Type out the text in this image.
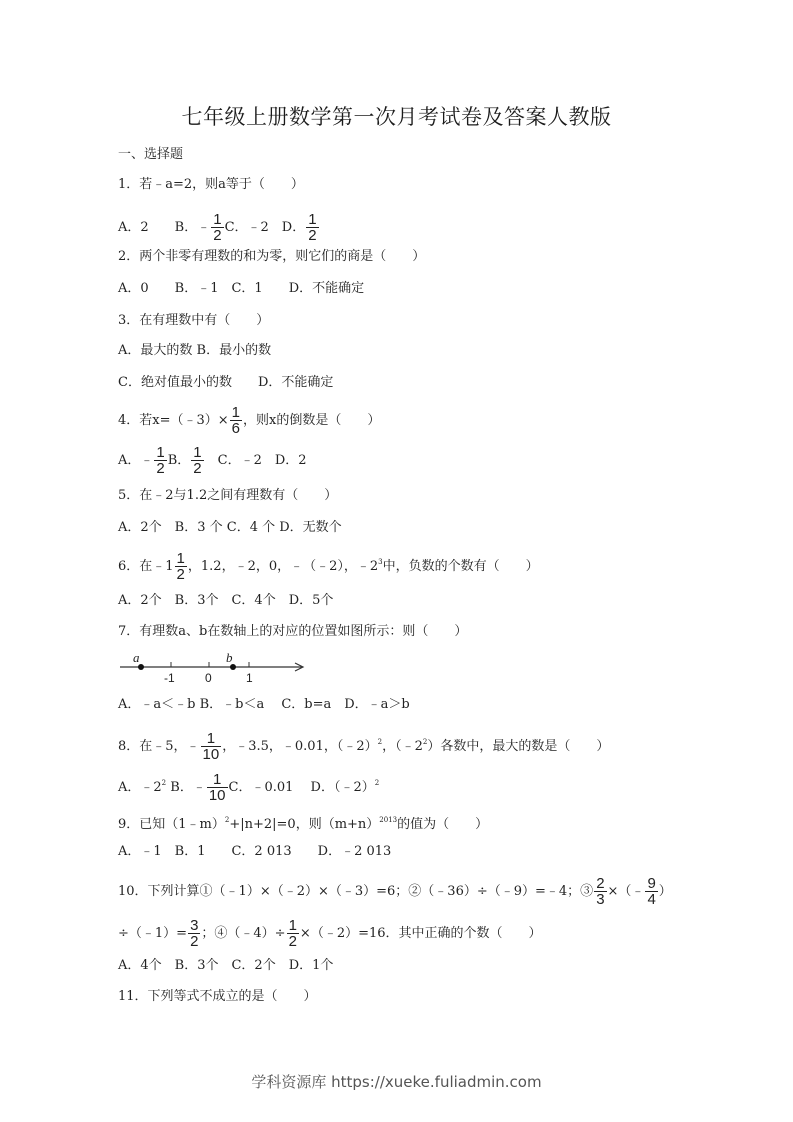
七年级上册数学第一次月考试卷及答案人教版
一、选择题
1．若﹣a=2，则a等于（　　）
A．2　　B．﹣ $\frac{1}{2}$ C．﹣2　D． $\frac{1}{2}$
2．两个非零有理数的和为零，则它们的商是（　　）
A．0　　B．﹣1　C．1　　D．不能确定
3．在有理数中有（　　）
A．最大的数 B．最小的数
C．绝对值最小的数　　D．不能确定
4．若x=（﹣3）× $\frac{1}{6}$ ，则x的倒数是（　　）
A．﹣ $\frac{1}{2}$ B． $\frac{1}{2}$ 　C．﹣2　D．2
5．在﹣2与1.2之间有理数有（　　）
A．2个　B．3 个 C．4 个 D．无数个
6．在﹣1 $\frac{1}{2}$ ，1.2，﹣2，0，﹣（﹣2），$﹣2^3$中，负数的个数有（　　）
A．2个　B．3个　C．4个　D．5个
7．有理数a、b在数轴上的对应的位置如图所示：则（　　）
a	b
-1	0	1
A．﹣a＜﹣b B．﹣b＜a　 C．b=a　D．﹣a＞b
8．在﹣5，﹣ $\frac{1}{10}$ ，﹣3.5，﹣0.01，（﹣2）$^2$，$(﹣2^2)$各数中，最大的数是（　　）
A．$﹣2^2$ B．﹣ $\frac{1}{10}$ C．﹣0.01　 D．（﹣2）$^2$
9．已知（1﹣m）$^2$+|n+2|=0，则$(m+n)^{2013}$的值为（　　）
A．﹣1　B．1　　C．2 013　　D．﹣2 013
10．下列计算①（﹣1）×（﹣2）×（﹣3）=6；②（﹣36）÷（﹣9）=﹣4；③ $\frac{2}{3}$ ×（﹣ $\frac{9}{4}$ ）
÷（﹣1）= $\frac{3}{2}$ ；④（﹣4）÷ $\frac{1}{2}$ ×（﹣2）=16．其中正确的个数（　　）
A．4个　B．3个　C．2个　D．1个
11．下列等式不成立的是（　　）
学科资源库 https://xueke.fuliadmin.com
